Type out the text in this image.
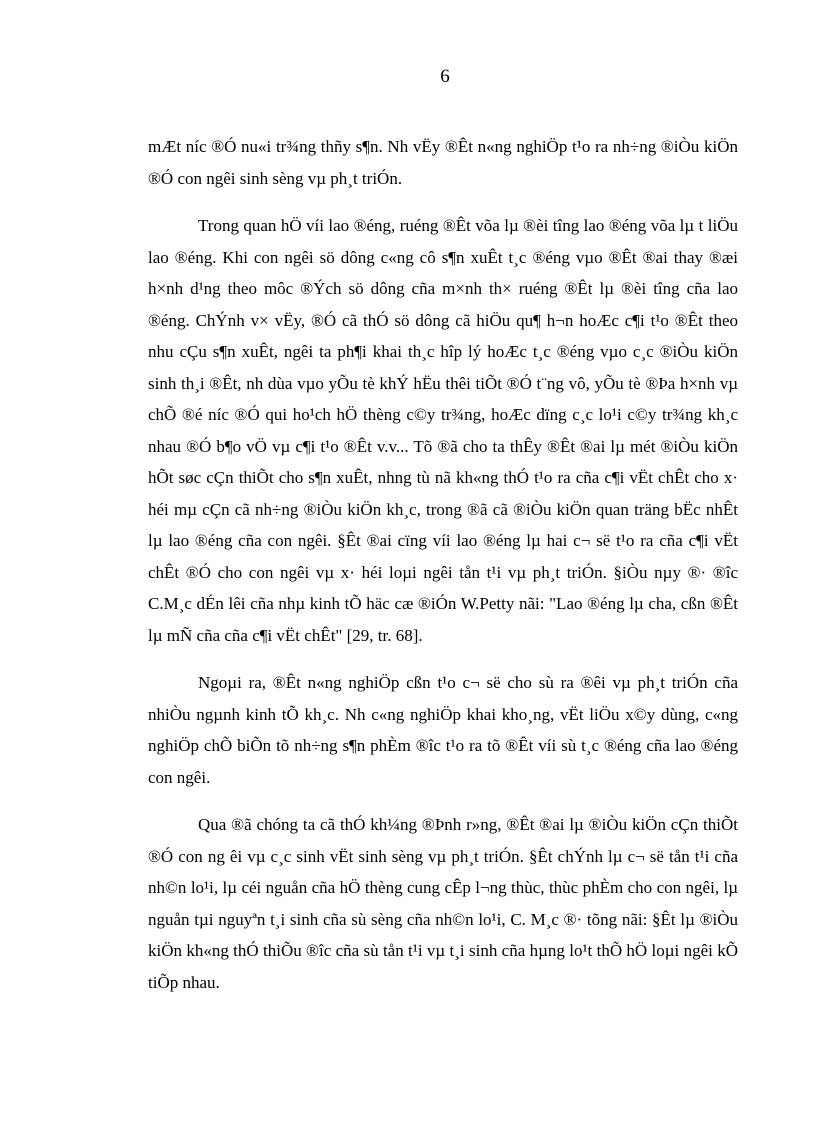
6

mÆt níc ®Ó nu«i tr¾ng thñy s¶n. Nh vËy ®Êt n«ng nghiÖp t¹o ra nh÷ng ®iÒu kiÖn ®Ó con ngêi sinh sèng vµ ph¸t triÓn.

Trong quan hÖ víi lao ®éng, ruéng ®Êt võa lµ ®èi tîng lao ®éng võa lµ t liÖu lao ®éng. Khi con ngêi sö dông c«ng cô s¶n xuÊt t¸c ®éng vµo ®Êt ®ai thay ®æi h×nh d¹ng theo môc ®Ých sö dông cña m×nh th× ruéng ®Êt lµ ®èi tîng cña lao ®éng. ChÝnh v× vËy, ®Ó cã thÓ sö dông cã hiÖu qu¶ h¬n hoÆc c¶i t¹o ®Êt theo nhu cÇu s¶n xuÊt, ngêi ta ph¶i khai th¸c hîp lý hoÆc t¸c ®éng vµo c¸c ®iÒu kiÖn sinh th¸i ®Êt, nh dùa vµo yÕu tè khÝ hËu thêi tiÕt ®Ó t¨ng vô, yÕu tè ®Þa h×nh vµ chÕ ®é níc ®Ó qui ho¹ch hÖ thèng c©y tr¾ng, hoÆc dïng c¸c lo¹i c©y tr¾ng kh¸c nhau ®Ó b¶o vÖ vµ c¶i t¹o ®Êt v.v... Tõ ®ã cho ta thÊy ®Êt ®ai lµ mét ®iÒu kiÖn hÕt søc cÇn thiÕt cho s¶n xuÊt, nhng tù nã kh«ng thÓ t¹o ra cña c¶i vËt chÊt cho x· héi mµ cÇn cã nh÷ng ®iÒu kiÖn kh¸c, trong ®ã cã ®iÒu kiÖn quan träng bËc nhÊt lµ lao ®éng cña con ngêi. §Êt ®ai cïng víi lao ®éng lµ hai c¬ së t¹o ra cña c¶i vËt chÊt ®Ó cho con ngêi vµ x· héi loµi ngêi tån t¹i vµ ph¸t triÓn. §iÒu nµy ®· ®îc C.M¸c dÉn lêi cña nhµ kinh tÕ häc cæ ®iÓn W.Petty nãi: "Lao ®éng lµ cha, cßn ®Êt lµ mÑ cña cña c¶i vËt chÊt" [29, tr. 68].

Ngoµi ra, ®Êt n«ng nghiÖp cßn t¹o c¬ së cho sù ra ®êi vµ ph¸t triÓn cña nhiÒu ngµnh kinh tÕ kh¸c. Nh c«ng nghiÖp khai kho¸ng, vËt liÖu x©y dùng, c«ng nghiÖp chÕ biÕn tõ nh÷ng s¶n phÈm ®îc t¹o ra tõ ®Êt víi sù t¸c ®éng cña lao ®éng con ngêi.

Qua ®ã chóng ta cã thÓ kh¼ng ®Þnh r»ng, ®Êt ®ai lµ ®iÒu kiÖn cÇn thiÕt ®Ó con ng êi vµ c¸c sinh vËt sinh sèng vµ ph¸t triÓn. §Êt chÝnh lµ c¬ së tån t¹i cña nh©n lo¹i, lµ céi nguån cña hÖ thèng cung cÊp l¬ng thùc, thùc phÈm cho con ngêi, lµ nguån tµi nguyªn t¸i sinh cña sù sèng cña nh©n lo¹i, C. M¸c ®· tõng nãi: §Êt lµ ®iÒu kiÖn kh«ng thÓ thiÕu ®îc cña sù tån t¹i vµ t¸i sinh cña hµng lo¹t thÕ hÖ loµi ngêi kÕ tiÕp nhau.
